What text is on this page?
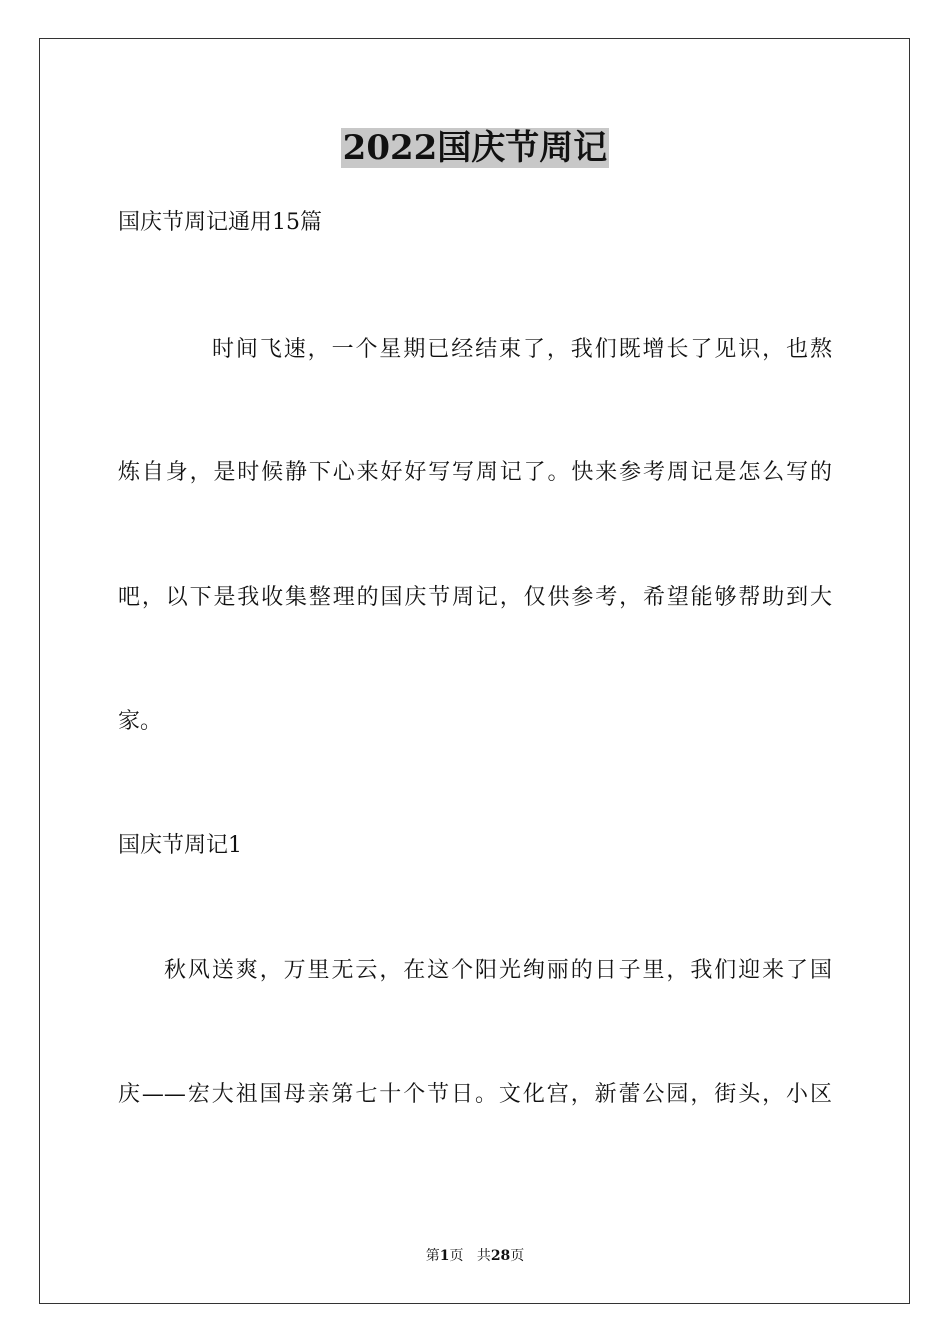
2022国庆节周记
国庆节周记通用15篇
时间飞速，一个星期已经结束了，我们既增长了见识，也熬
炼自身，是时候静下心来好好写写周记了。快来参考周记是怎么写的
吧，以下是我收集整理的国庆节周记，仅供参考，希望能够帮助到大
家。
国庆节周记1
秋风送爽，万里无云，在这个阳光绚丽的日子里，我们迎来了国
庆——宏大祖国母亲第七十个节日。文化宫，新蕾公园，街头，小区
第1页 共28页
